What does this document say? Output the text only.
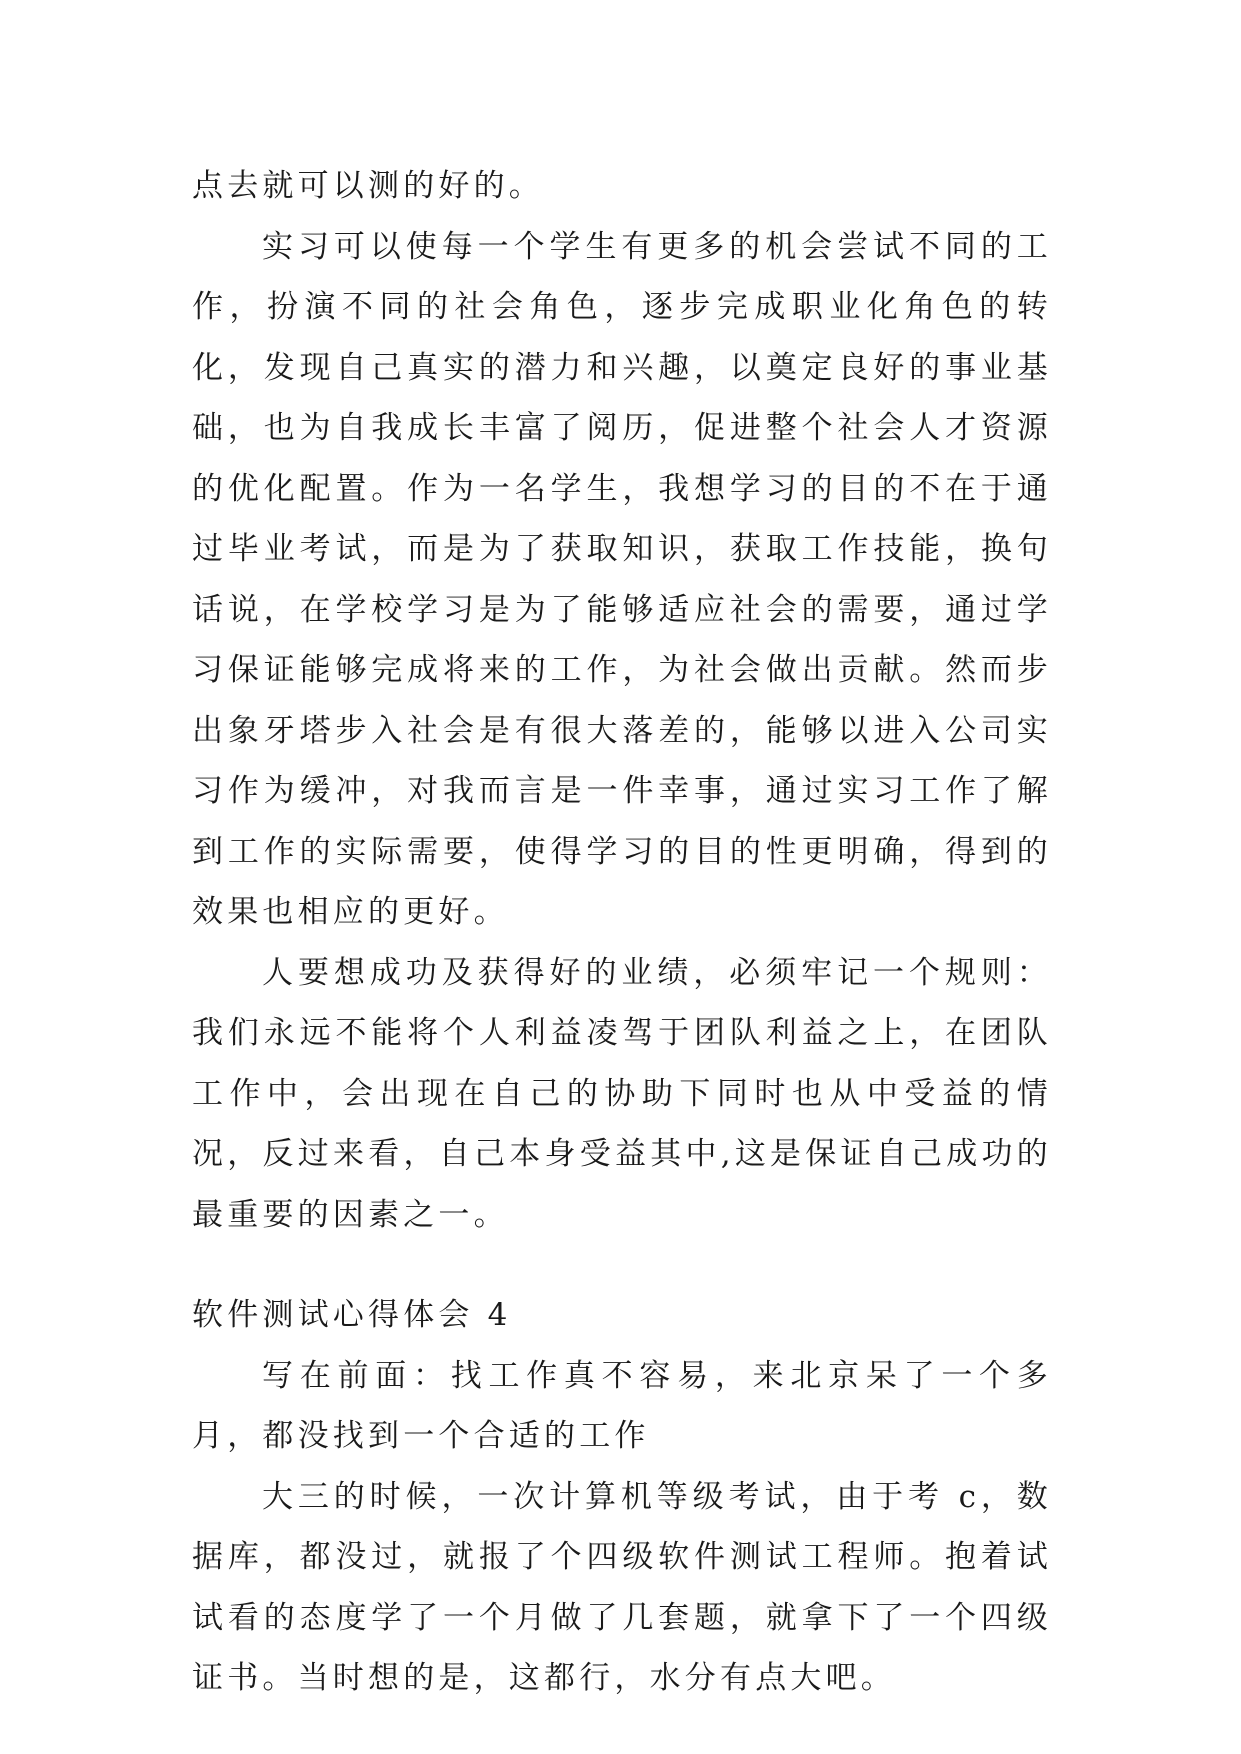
点去就可以测的好的。

实习可以使每一个学生有更多的机会尝试不同的工作，扮演不同的社会角色，逐步完成职业化角色的转化，发现自己真实的潜力和兴趣，以奠定良好的事业基础，也为自我成长丰富了阅历，促进整个社会人才资源的优化配置。作为一名学生，我想学习的目的不在于通过毕业考试，而是为了获取知识，获取工作技能，换句话说，在学校学习是为了能够适应社会的需要，通过学习保证能够完成将来的工作，为社会做出贡献。然而步出象牙塔步入社会是有很大落差的，能够以进入公司实习作为缓冲，对我而言是一件幸事，通过实习工作了解到工作的实际需要，使得学习的目的性更明确，得到的效果也相应的更好。

人要想成功及获得好的业绩，必须牢记一个规则：我们永远不能将个人利益凌驾于团队利益之上，在团队工作中，会出现在自己的协助下同时也从中受益的情况，反过来看，自己本身受益其中,这是保证自己成功的最重要的因素之一。

软件测试心得体会 4

写在前面：找工作真不容易，来北京呆了一个多月，都没找到一个合适的工作

大三的时候，一次计算机等级考试，由于考 c，数据库，都没过，就报了个四级软件测试工程师。抱着试试看的态度学了一个月做了几套题，就拿下了一个四级证书。当时想的是，这都行，水分有点大吧。
